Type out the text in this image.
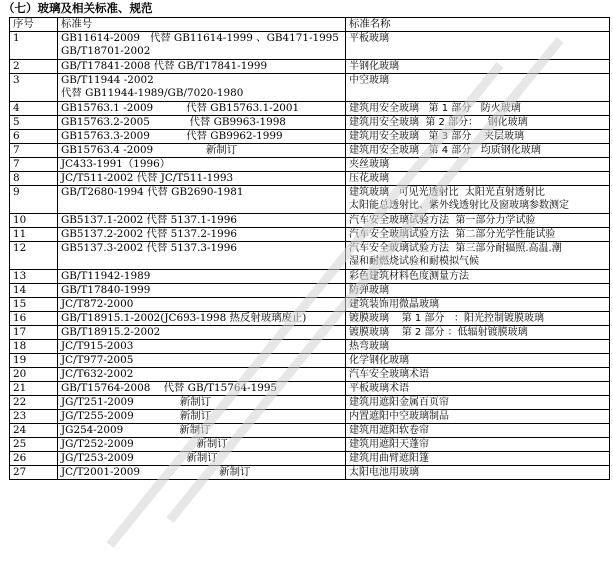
（七）玻璃及相关标准、规范
序号	标准号	标准名称
1	GB11614-2009   代替 GB11614-1999 、GB4171-1995
GB/T18701-2002	平板玻璃
2	GB/T17841-2008 代替 GB/T17841-1999	半钢化玻璃
3	GB/T11944 -2002
代替 GB11944-1989/GB/7020-1980	中空玻璃
4	GB15763.1 -2009          代替 GB15763.1-2001	建筑用安全玻璃   第 1 部分   防火玻璃
5	GB15763.2-2005            代替 GB9963-1998	建筑用安全玻璃  第 2 部分：   钢化玻璃
6	GB15763.3-2009           代替 GB9962-1999	建筑用安全玻璃   第 3 部分    夹层玻璃
7	GB15763.4 -2009                新制订	建筑用安全玻璃   第 4 部分   均质钢化玻璃
7	JC433-1991（1996）	夹丝玻璃
8	JC/T511-2002 代替 JC/T511-1993	压花玻璃
9	GB/T2680-1994 代替 GB2690-1981	建筑玻璃   可见光透射比  太阳光直射透射比
太阳能总透射比、紫外线透射比及窗玻璃参数测定
10	GB5137.1-2002 代替 5137.1-1996	汽车安全玻璃试验方法  第一部分力学试验
11	GB5137.2-2002 代替 5137.2-1996	汽车安全玻璃试验方法  第二部分光学性能试验
12	GB5137.3-2002 代替 5137.3-1996	汽车安全玻璃试验方法  第三部分耐辐照.高温.潮
湿和耐燃烧试验和耐模拟气候
13	GB/T11942-1989	彩色建筑材料色度测量方法
14	GB/T17840-1999	防弹玻璃
15	JC/T872-2000	建筑装饰用微晶玻璃
16	GB/T18915.1-2002(JC693-1998 热反射玻璃废止)	镀膜玻璃    第 1 部分   ：阳光控制镀膜玻璃
17	GB/T18915.2-2002	镀膜玻璃    第 2 部分 ：低辐射镀膜玻璃
18	JC/T915-2003	热弯玻璃
19	JC/T977-2005	化学钢化玻璃
20	JC/T632-2002	汽车安全玻璃术语
21	GB/T15764-2008    代替 GB/T15764-1995	平板玻璃术语
22	JG/T251-2009              新制订	建筑用遮阳金属百页帘
23	JG/T255-2009              新制订	内置遮阳中空玻璃制品
24	JG254-2009                 新制订	建筑用遮阳软卷帘
25	JG/T252-2009                   新制订	建筑用遮阳天蓬帘
26	JG/T253-2009                新制订	建筑用曲臂遮阳篷
27	JC/T2001-2009                        新制订	太阳电池用玻璃
